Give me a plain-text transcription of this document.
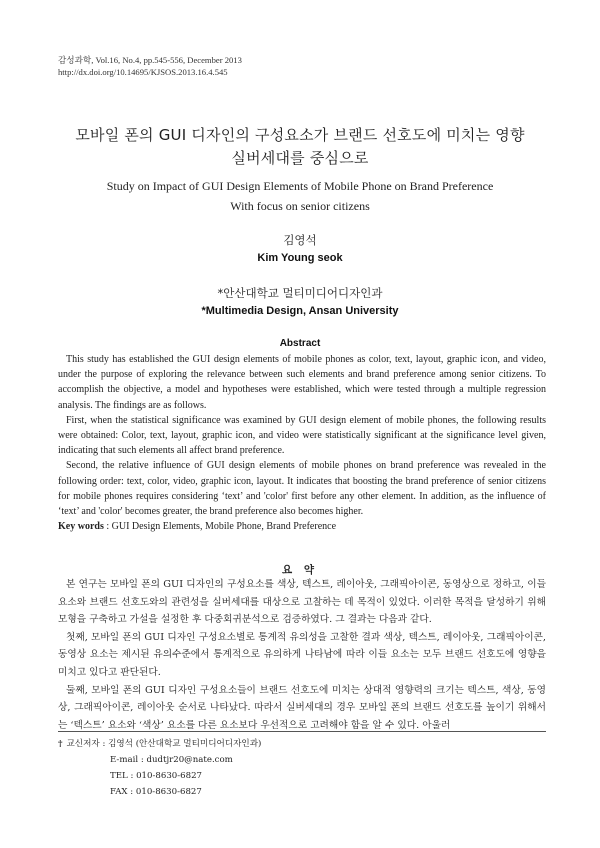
감성과학, Vol.16, No.4, pp.545-556, December 2013
http://dx.doi.org/10.14695/KJSOS.2013.16.4.545
모바일 폰의 GUI 디자인의 구성요소가 브랜드 선호도에 미치는 영향
실버세대를 중심으로
Study on Impact of GUI Design Elements of Mobile Phone on Brand Preference
With focus on senior citizens
김영석
Kim Young seok
*안산대학교 멀티미디어디자인과
*Multimedia Design, Ansan University
Abstract

This study has established the GUI design elements of mobile phones as color, text, layout, graphic icon, and video, under the purpose of exploring the relevance between such elements and brand preference among senior citizens. To accomplish the objective, a model and hypotheses were established, which were tested through a multiple regression analysis. The findings are as follows.

First, when the statistical significance was examined by GUI design element of mobile phones, the following results were obtained: Color, text, layout, graphic icon, and video were statistically significant at the significance level given, indicating that such elements all affect brand preference.

Second, the relative influence of GUI design elements of mobile phones on brand preference was revealed in the following order: text, color, video, graphic icon, layout. It indicates that boosting the brand preference of senior citizens for mobile phones requires considering ‘text’ and 'color' first before any other element. In addition, as the influence of ‘text’ and 'color' becomes greater, the brand preference also becomes higher.

Key words : GUI Design Elements, Mobile Phone, Brand Preference
요 약

본 연구는 모바일 폰의 GUI 디자인의 구성요소를 색상, 텍스트, 레이아웃, 그래픽아이콘, 동영상으로 정하고, 이들 요소와 브랜드 선호도와의 관련성을 실버세대를 대상으로 고찰하는 데 목적이 있었다. 이러한 목적을 달성하기 위해 모형을 구축하고 가설을 설정한 후 다중회귀분석으로 검증하였다. 그 결과는 다음과 같다.

첫째, 모바일 폰의 GUI 디자인 구성요소별로 통계적 유의성을 고찰한 결과 색상, 텍스트, 레이아웃, 그래픽아이콘, 동영상 요소는 제시된 유의수준에서 통계적으로 유의하게 나타남에 따라 이들 요소는 모두 브랜드 선호도에 영향을 미치고 있다고 판단된다.

둘째, 모바일 폰의 GUI 디자인 구성요소들이 브랜드 선호도에 미치는 상대적 영향력의 크기는 텍스트, 색상, 동영상, 그래픽아이콘, 레이아웃 순서로 나타났다. 따라서 실버세대의 경우 모바일 폰의 브랜드 선호도를 높이기 위해서는 ‘텍스트’ 요소와 ‘색상’ 요소를 다른 요소보다 우선적으로 고려해야 함을 알 수 있다. 아울러

† 교신저자 : 김영석 (안산대학교 멀티미디어디자인과)
E-mail : dudtjr20@nate.com
TEL : 010-8630-6827
FAX : 010-8630-6827
